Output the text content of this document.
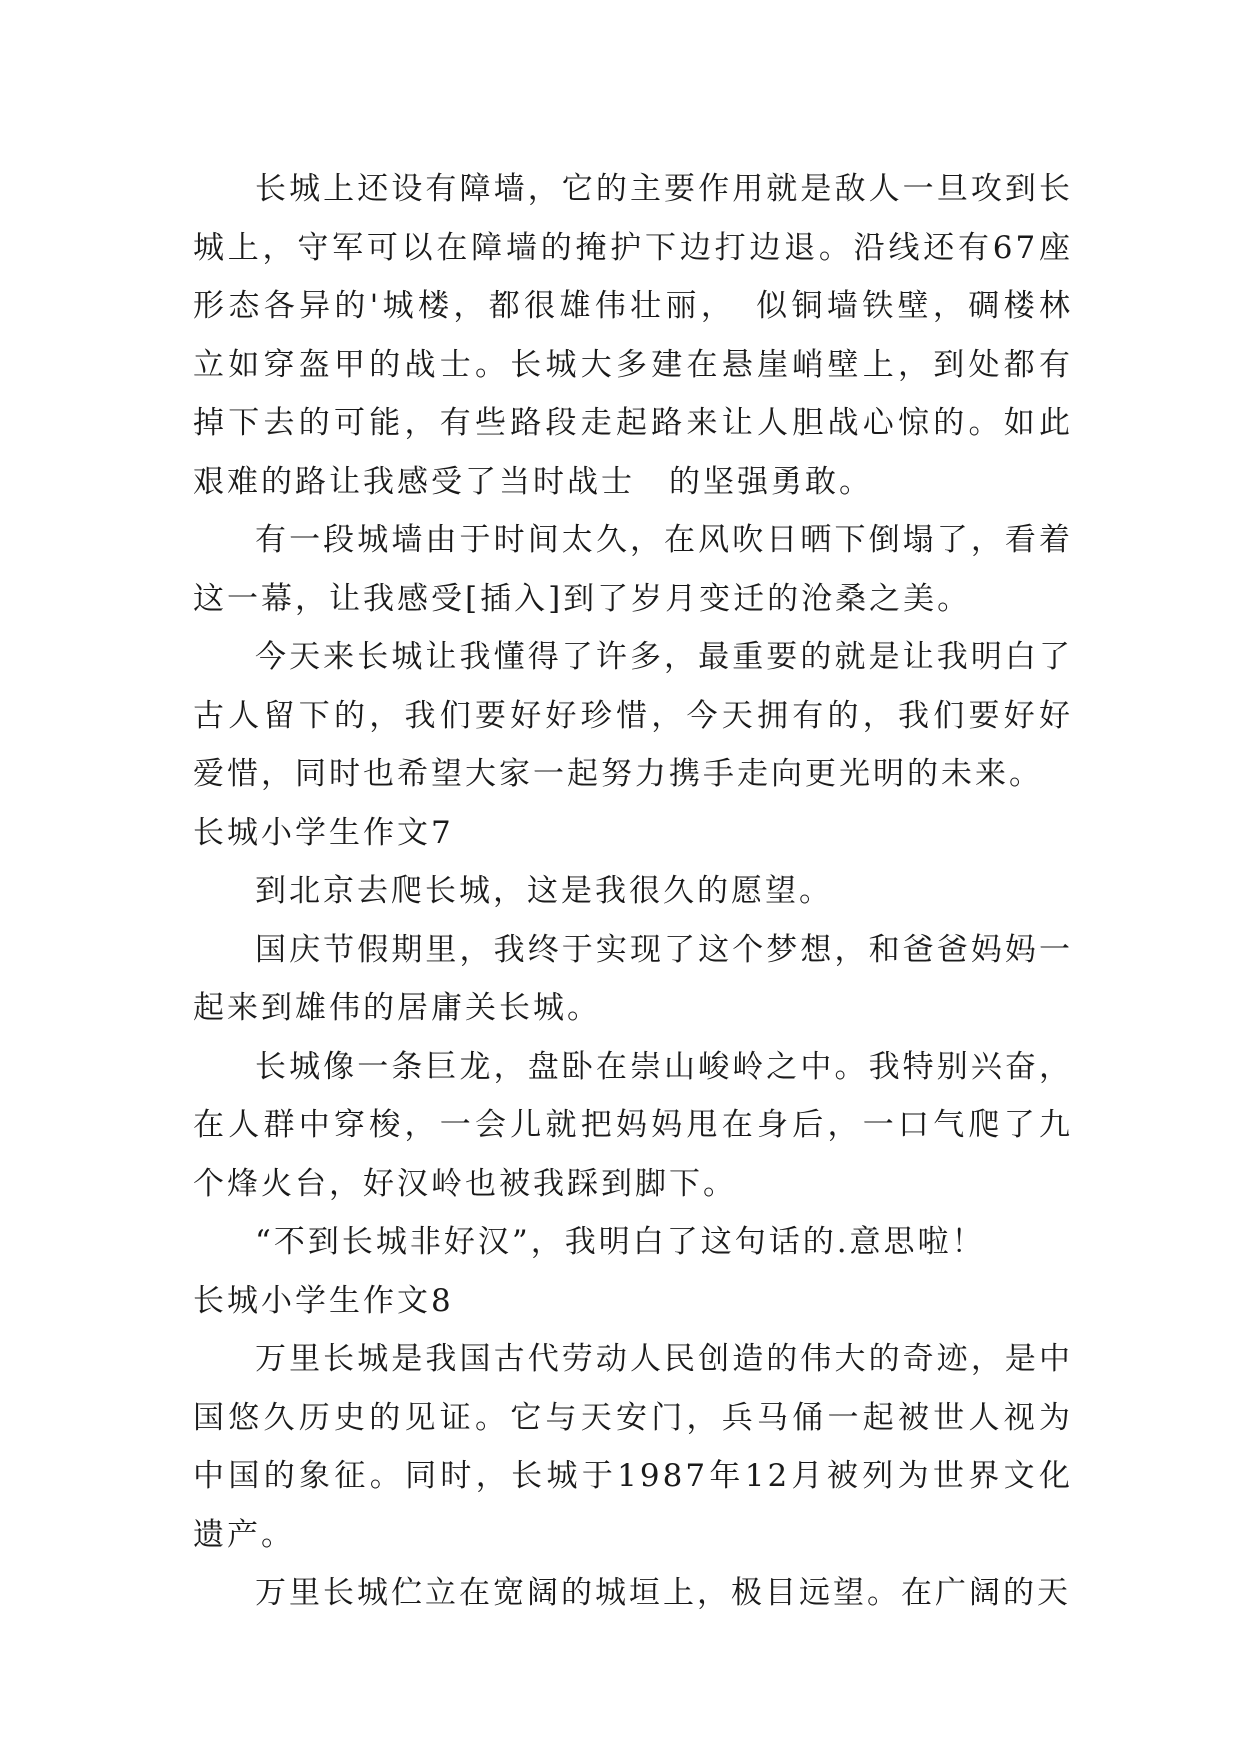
长城上还设有障墙，它的主要作用就是敌人一旦攻到长城上，守军可以在障墙的掩护下边打边退。沿线还有67座形态各异的'城楼，都很雄伟壮丽，　似铜墙铁壁，碉楼林立如穿盔甲的战士。长城大多建在悬崖峭壁上，到处都有掉下去的可能，有些路段走起路来让人胆战心惊的。如此艰难的路让我感受了当时战士　的坚强勇敢。

有一段城墙由于时间太久，在风吹日晒下倒塌了，看着这一幕，让我感受[插入]到了岁月变迁的沧桑之美。

今天来长城让我懂得了许多，最重要的就是让我明白了古人留下的，我们要好好珍惜，今天拥有的，我们要好好爱惜，同时也希望大家一起努力携手走向更光明的未来。

长城小学生作文7

到北京去爬长城，这是我很久的愿望。

国庆节假期里，我终于实现了这个梦想，和爸爸妈妈一起来到雄伟的居庸关长城。

长城像一条巨龙，盘卧在崇山峻岭之中。我特别兴奋，在人群中穿梭，一会儿就把妈妈甩在身后，一口气爬了九个烽火台，好汉岭也被我踩到脚下。

“不到长城非好汉”，我明白了这句话的.意思啦！

长城小学生作文8

万里长城是我国古代劳动人民创造的伟大的奇迹，是中国悠久历史的见证。它与天安门，兵马俑一起被世人视为中国的象征。同时，长城于1987年12月被列为世界文化遗产。

万里长城伫立在宽阔的城垣上，极目远望。在广阔的天
